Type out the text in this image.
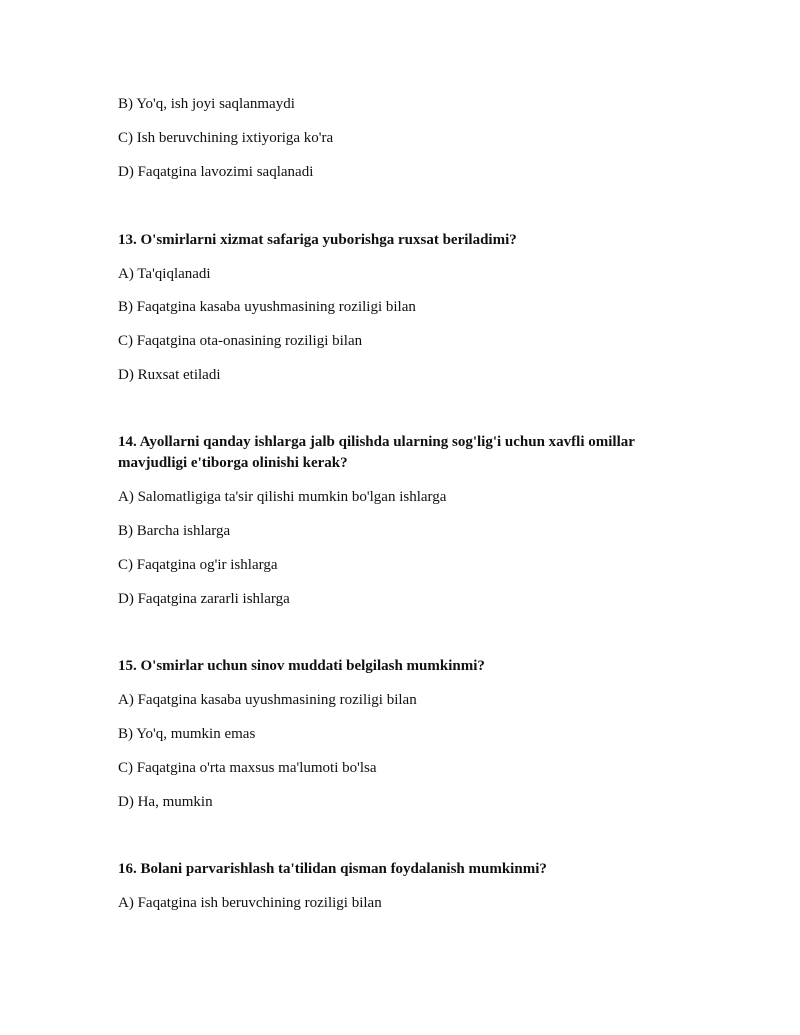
B) Yo'q, ish joyi saqlanmaydi
C) Ish beruvchining ixtiyoriga ko'ra
D) Faqatgina lavozimi saqlanadi
13. O'smirlarni xizmat safariga yuborishga ruxsat beriladimi?
A) Ta'qiqlanadi
B) Faqatgina kasaba uyushmasining roziligi bilan
C) Faqatgina ota-onasining roziligi bilan
D) Ruxsat etiladi
14. Ayollarni qanday ishlarga jalb qilishda ularning sog'lig'i uchun xavfli omillar
mavjudligi e'tiborga olinishi kerak?
A) Salomatligiga ta'sir qilishi mumkin bo'lgan ishlarga
B) Barcha ishlarga
C) Faqatgina og'ir ishlarga
D) Faqatgina zararli ishlarga
15. O'smirlar uchun sinov muddati belgilash mumkinmi?
A) Faqatgina kasaba uyushmasining roziligi bilan
B) Yo'q, mumkin emas
C) Faqatgina o'rta maxsus ma'lumoti bo'lsa
D) Ha, mumkin
16. Bolani parvarishlash ta'tilidan qisman foydalanish mumkinmi?
A) Faqatgina ish beruvchining roziligi bilan
